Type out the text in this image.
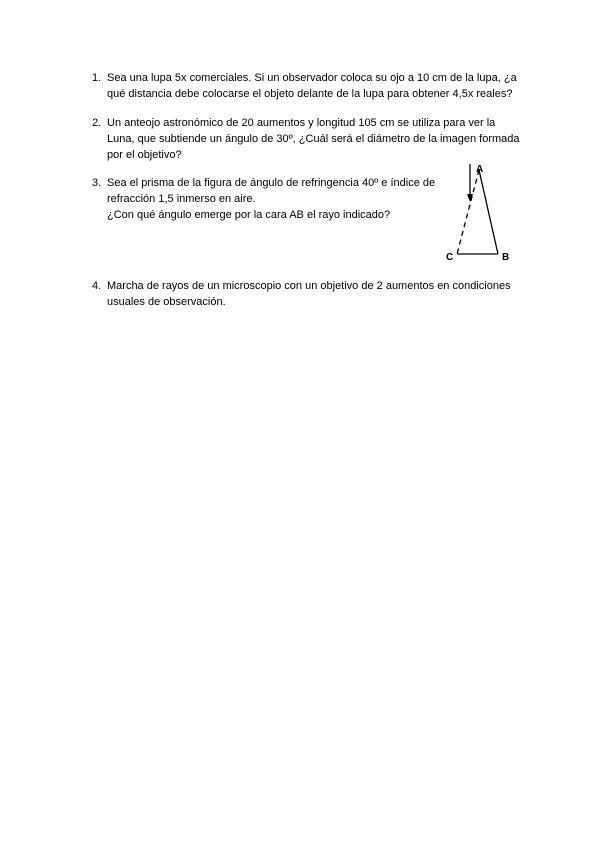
1. Sea una lupa 5x comerciales. Si un observador coloca su ojo a 10 cm de la lupa, ¿a
qué distancia debe colocarse el objeto delante de la lupa para obtener 4,5x reales?
2. Un anteojo astronómico de 20 aumentos y longitud 105 cm se utiliza para ver la
Luna, que subtiende un ángulo de 30º, ¿Cuál será el diámetro de la imagen formada
por el objetivo?
3. Sea el prisma de la figura de ángulo de refringencia 40º e índice de
refracción 1,5 inmerso en aire.
¿Con qué ángulo emerge por la cara AB el rayo indicado?
A
B
C
4. Marcha de rayos de un microscopio con un objetivo de 2 aumentos en condiciones
usuales de observación.
